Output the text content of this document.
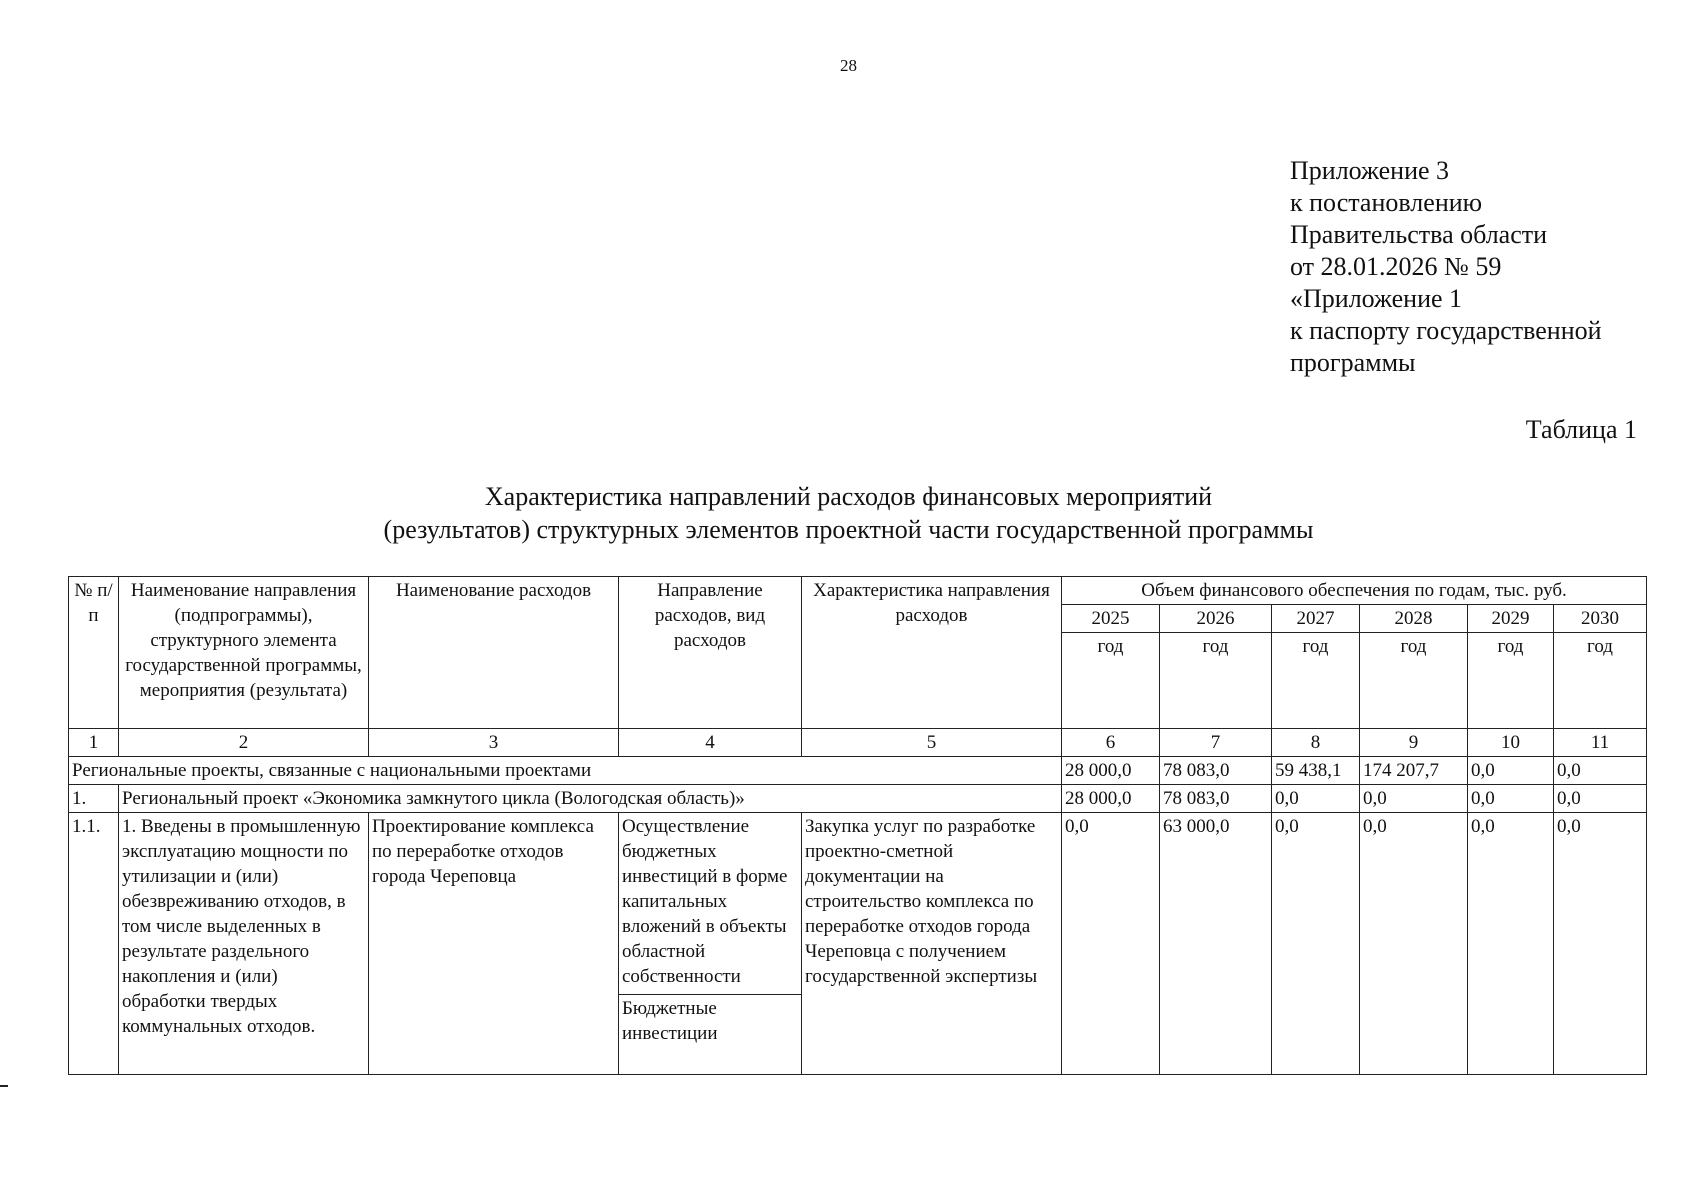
28
Приложение 3
к постановлению
Правительства области
от 28.01.2026 № 59
«Приложение 1
к паспорту государственной
программы
Таблица 1
Характеристика направлений расходов финансовых мероприятий
(результатов) структурных элементов проектной части государственной программы
№ п/п	Наименование направления (подпрограммы), структурного элемента государственной программы, мероприятия (результата)	Наименование расходов	Направление расходов, вид расходов	Характеристика направления расходов	Объем финансового обеспечения по годам, тыс. руб.					
					2025	2026	2027	2028	2029	2030
					год	год	год	год	год	год
1	2	3	4	5	6	7	8	9	10	11
Региональные проекты, связанные с национальными проектами					28 000,0	78 083,0	59 438,1	174 207,7	0,0	0,0
1.	Региональный проект «Экономика замкнутого цикла (Вологодская область)»				28 000,0	78 083,0	0,0	0,0	0,0	0,0
1.1.	1. Введены в промышленную эксплуатацию мощности по утилизации и (или) обезвреживанию отходов, в том числе выделенных в результате раздельного накопления и (или) обработки твердых коммунальных отходов.	Проектирование комплекса по переработке отходов города Череповца	Осуществление бюджетных инвестиций в форме капитальных вложений в объекты областной собственности	Закупка услуг по разработке проектно-сметной документации на строительство комплекса по переработке отходов города Череповца с получением государственной экспертизы	0,0	63 000,0	0,0	0,0	0,0	0,0
			Бюджетные инвестиции							
